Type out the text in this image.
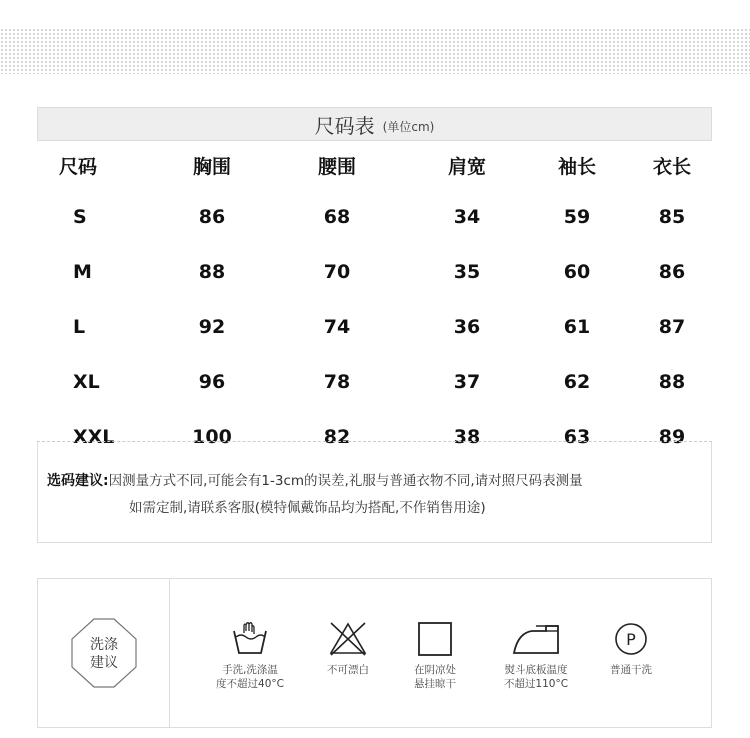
尺码表 (单位cm)
尺码	胸围	腰围	肩宽	袖长	衣长
S	86	68	34	59	85
M	88	70	35	60	86
L	92	74	36	61	87
XL	96	78	37	62	88
XXL	100	82	38	63	89
选码建议:因测量方式不同,可能会有1-3cm的误差,礼服与普通衣物不同,请对照尺码表测量
如需定制,请联系客服(模特佩戴饰品均为搭配,不作销售用途)
洗涤
建议	手洗,洗涤温
度不超过40°C
不可漂白	在阴凉处
悬挂晾干
熨斗底板温度
不超过110°C
P
普通干洗
